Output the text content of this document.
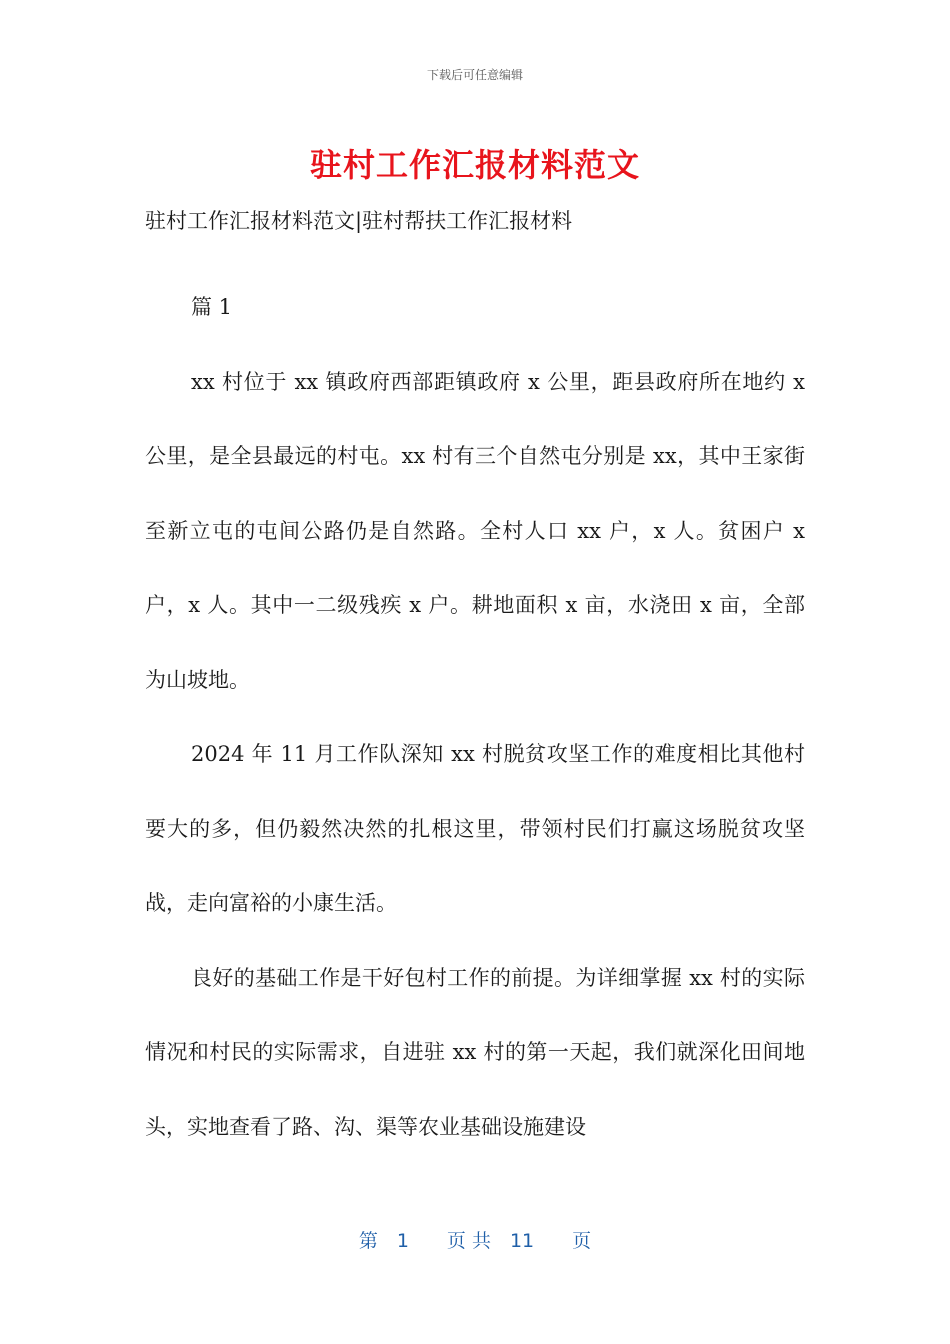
下载后可任意编辑
驻村工作汇报材料范文
驻村工作汇报材料范文|驻村帮扶工作汇报材料

篇 1

xx 村位于 xx 镇政府西部距镇政府 x 公里，距县政府所在地约 x 公里，是全县最远的村屯。xx 村有三个自然屯分别是 xx，其中王家街至新立屯的屯间公路仍是自然路。全村人口 xx 户，x 人。贫困户 x 户，x 人。其中一二级残疾 x 户。耕地面积 x 亩，水浇田 x 亩，全部为山坡地。

2024 年 11 月工作队深知 xx 村脱贫攻坚工作的难度相比其他村要大的多，但仍毅然决然的扎根这里，带领村民们打赢这场脱贫攻坚战，走向富裕的小康生活。

良好的基础工作是干好包村工作的前提。为详细掌握 xx 村的实际情况和村民的实际需求，自进驻 xx 村的第一天起，我们就深化田间地头，实地查看了路、沟、渠等农业基础设施建设

第　1　　页 共　11　　页
